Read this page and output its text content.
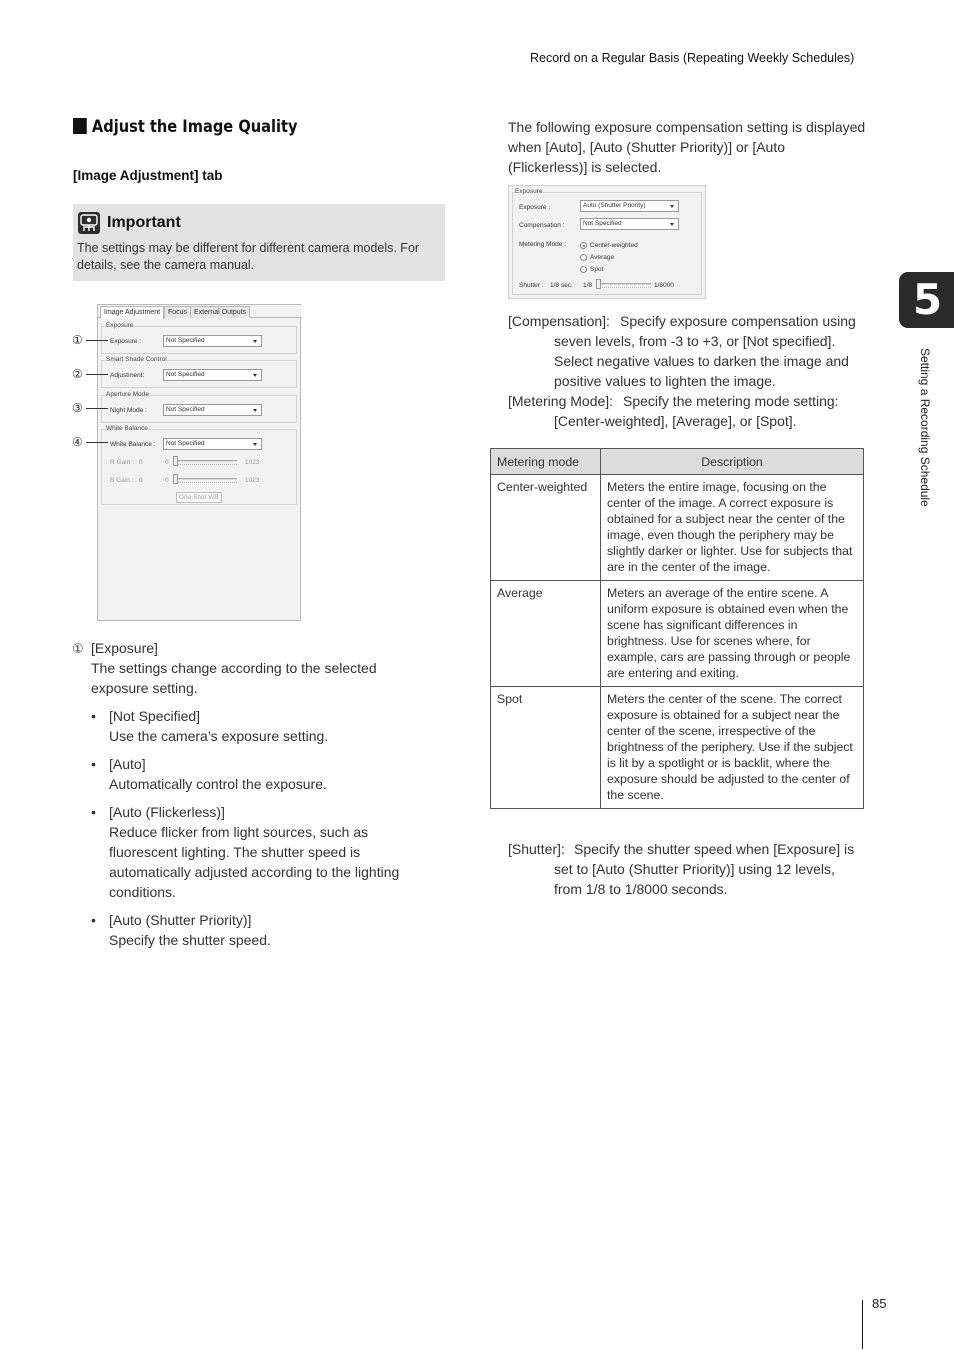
Record on a Regular Basis (Repeating Weekly Schedules)
5
Setting a Recording Schedule
Adjust the Image Quality
[Image Adjustment] tab
Important
The settings may be different for different camera models. For details, see the camera manual.
Image Adjustment	Focus External Outputs
Exposure
Exposure :	Not Specified
Smart Shade Control
Adjustment:	Not Specified
Aperture Mode
Night Mode :	Not Specified
White Balance
White Balance :	Not Specified
R Gain : 0	0	1023
B Gain : 0	0	1023
One Shot WB
①
②
③
④
① [Exposure]
The settings change according to the selected exposure setting.
• [Not Specified]
Use the camera’s exposure setting.
• [Auto]
Automatically control the exposure.
• [Auto (Flickerless)]
Reduce flicker from light sources, such as fluorescent lighting. The shutter speed is automatically adjusted according to the lighting conditions.
• [Auto (Shutter Priority)]
Specify the shutter speed.
The following exposure compensation setting is displayed when [Auto], [Auto (Shutter Priority)] or [Auto (Flickerless)] is selected.
Exposure
Exposure :	Auto (Shutter Priority)
Compensation :	Not Specified
Metering Mode :	Center-weighted
Average
Spot
Shutter : 1/8 sec. 1/8	1/8000
[Compensation]: Specify exposure compensation using seven levels, from -3 to +3, or [Not specified]. Select negative values to darken the image and positive values to lighten the image.
[Metering Mode]: Specify the metering mode setting: [Center-weighted], [Average], or [Spot].
Metering mode	Description
Center-weighted	Meters the entire image, focusing on the center of the image. A correct exposure is obtained for a subject near the center of the image, even though the periphery may be slightly darker or lighter. Use for subjects that are in the center of the image.
Average	Meters an average of the entire scene. A uniform exposure is obtained even when the scene has significant differences in brightness. Use for scenes where, for example, cars are passing through or people are entering and exiting.
Spot	Meters the center of the scene. The correct exposure is obtained for a subject near the center of the scene, irrespective of the brightness of the periphery. Use if the subject is lit by a spotlight or is backlit, where the exposure should be adjusted to the center of the scene.
[Shutter]: Specify the shutter speed when [Exposure] is set to [Auto (Shutter Priority)] using 12 levels, from 1/8 to 1/8000 seconds.
85
